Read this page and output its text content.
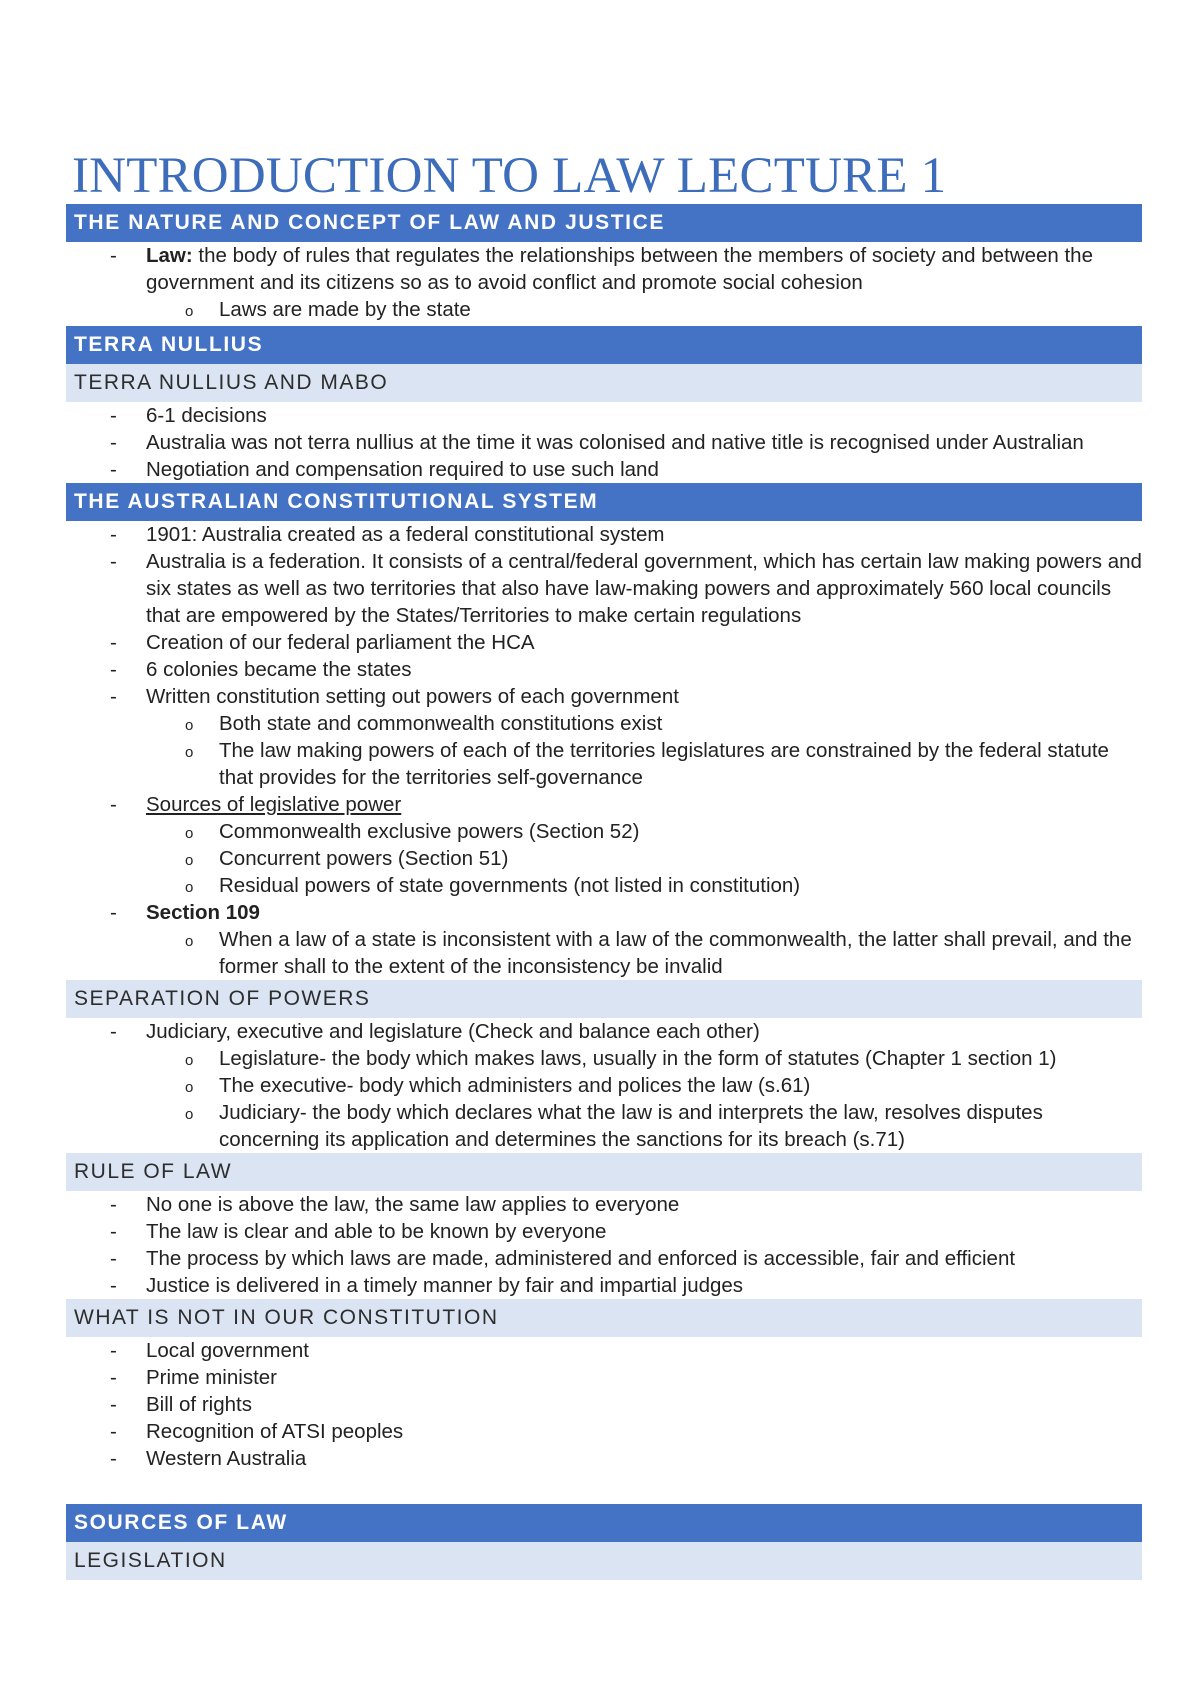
INTRODUCTION TO LAW LECTURE 1
THE NATURE AND CONCEPT OF LAW AND JUSTICE
- Law: the body of rules that regulates the relationships between the members of society and between the government and its citizens so as to avoid conflict and promote social cohesion
o Laws are made by the state
TERRA NULLIUS
TERRA NULLIUS AND MABO
- 6-1 decisions
- Australia was not terra nullius at the time it was colonised and native title is recognised under Australian
- Negotiation and compensation required to use such land
THE AUSTRALIAN CONSTITUTIONAL SYSTEM
- 1901: Australia created as a federal constitutional system
- Australia is a federation. It consists of a central/federal government, which has certain law making powers and six states as well as two territories that also have law-making powers and approximately 560 local councils that are empowered by the States/Territories to make certain regulations
- Creation of our federal parliament the HCA
- 6 colonies became the states
- Written constitution setting out powers of each government
o Both state and commonwealth constitutions exist
o The law making powers of each of the territories legislatures are constrained by the federal statute that provides for the territories self-governance
- Sources of legislative power
o Commonwealth exclusive powers (Section 52)
o Concurrent powers (Section 51)
o Residual powers of state governments (not listed in constitution)
- Section 109
o When a law of a state is inconsistent with a law of the commonwealth, the latter shall prevail, and the former shall to the extent of the inconsistency be invalid
SEPARATION OF POWERS
- Judiciary, executive and legislature (Check and balance each other)
o Legislature- the body which makes laws, usually in the form of statutes (Chapter 1 section 1)
o The executive- body which administers and polices the law (s.61)
o Judiciary- the body which declares what the law is and interprets the law, resolves disputes concerning its application and determines the sanctions for its breach (s.71)
RULE OF LAW
- No one is above the law, the same law applies to everyone
- The law is clear and able to be known by everyone
- The process by which laws are made, administered and enforced is accessible, fair and efficient
- Justice is delivered in a timely manner by fair and impartial judges
WHAT IS NOT IN OUR CONSTITUTION
- Local government
- Prime minister
- Bill of rights
- Recognition of ATSI peoples
- Western Australia
SOURCES OF LAW
LEGISLATION
